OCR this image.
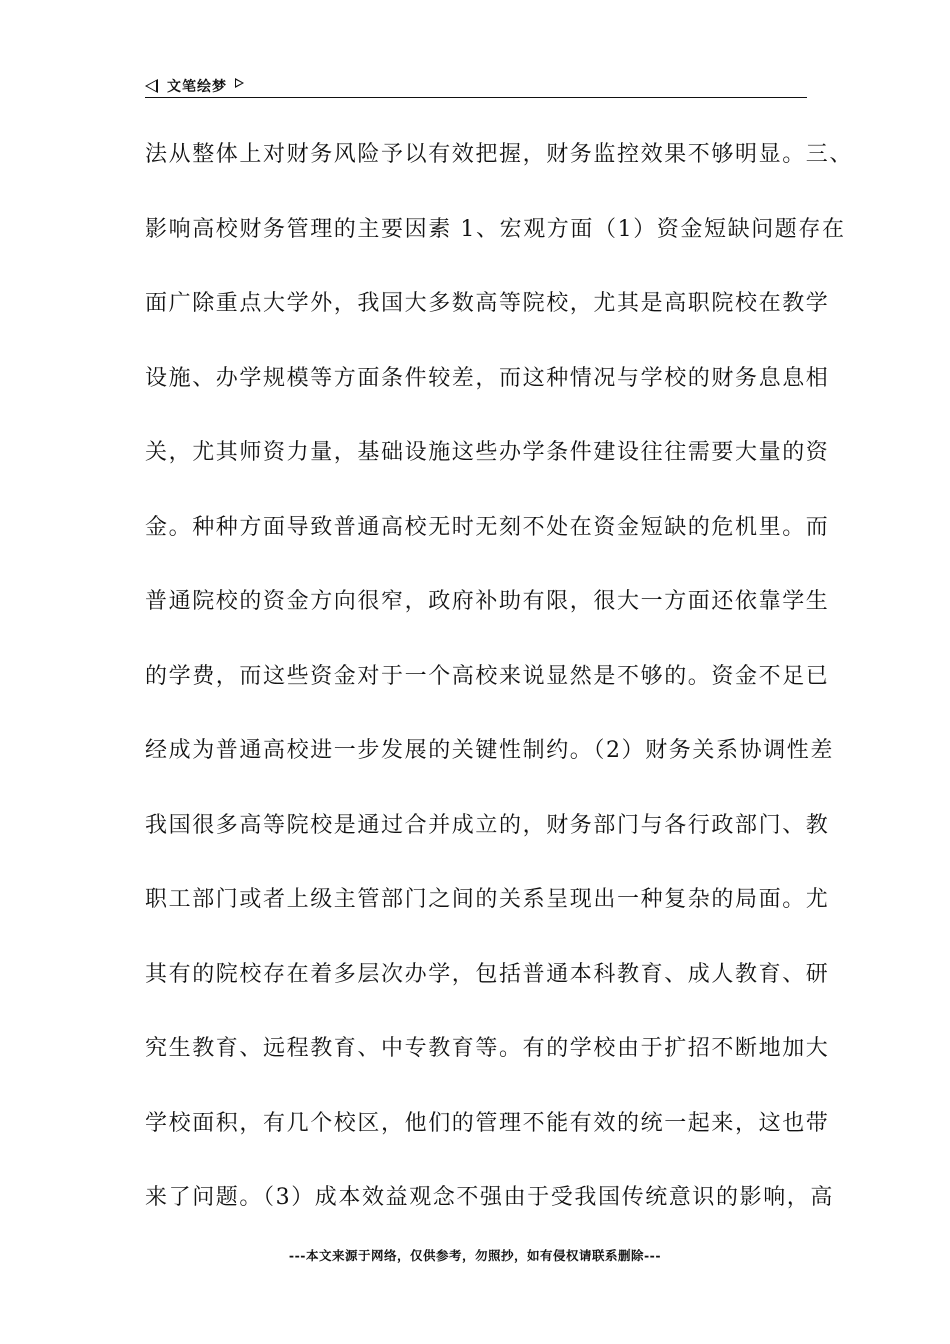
文笔绘梦
法从整体上对财务风险予以有效把握，财务监控效果不够明显。三、
影响高校财务管理的主要因素 1、宏观方面（1）资金短缺问题存在
面广除重点大学外，我国大多数高等院校，尤其是高职院校在教学
设施、办学规模等方面条件较差，而这种情况与学校的财务息息相
关，尤其师资力量，基础设施这些办学条件建设往往需要大量的资
金。种种方面导致普通高校无时无刻不处在资金短缺的危机里。而
普通院校的资金方向很窄，政府补助有限，很大一方面还依靠学生
的学费，而这些资金对于一个高校来说显然是不够的。资金不足已
经成为普通高校进一步发展的关键性制约。（2）财务关系协调性差
我国很多高等院校是通过合并成立的，财务部门与各行政部门、教
职工部门或者上级主管部门之间的关系呈现出一种复杂的局面。尤
其有的院校存在着多层次办学，包括普通本科教育、成人教育、研
究生教育、远程教育、中专教育等。有的学校由于扩招不断地加大
学校面积，有几个校区，他们的管理不能有效的统一起来，这也带
来了问题。（3）成本效益观念不强由于受我国传统意识的影响，高
---本文来源于网络，仅供参考，勿照抄，如有侵权请联系删除---
